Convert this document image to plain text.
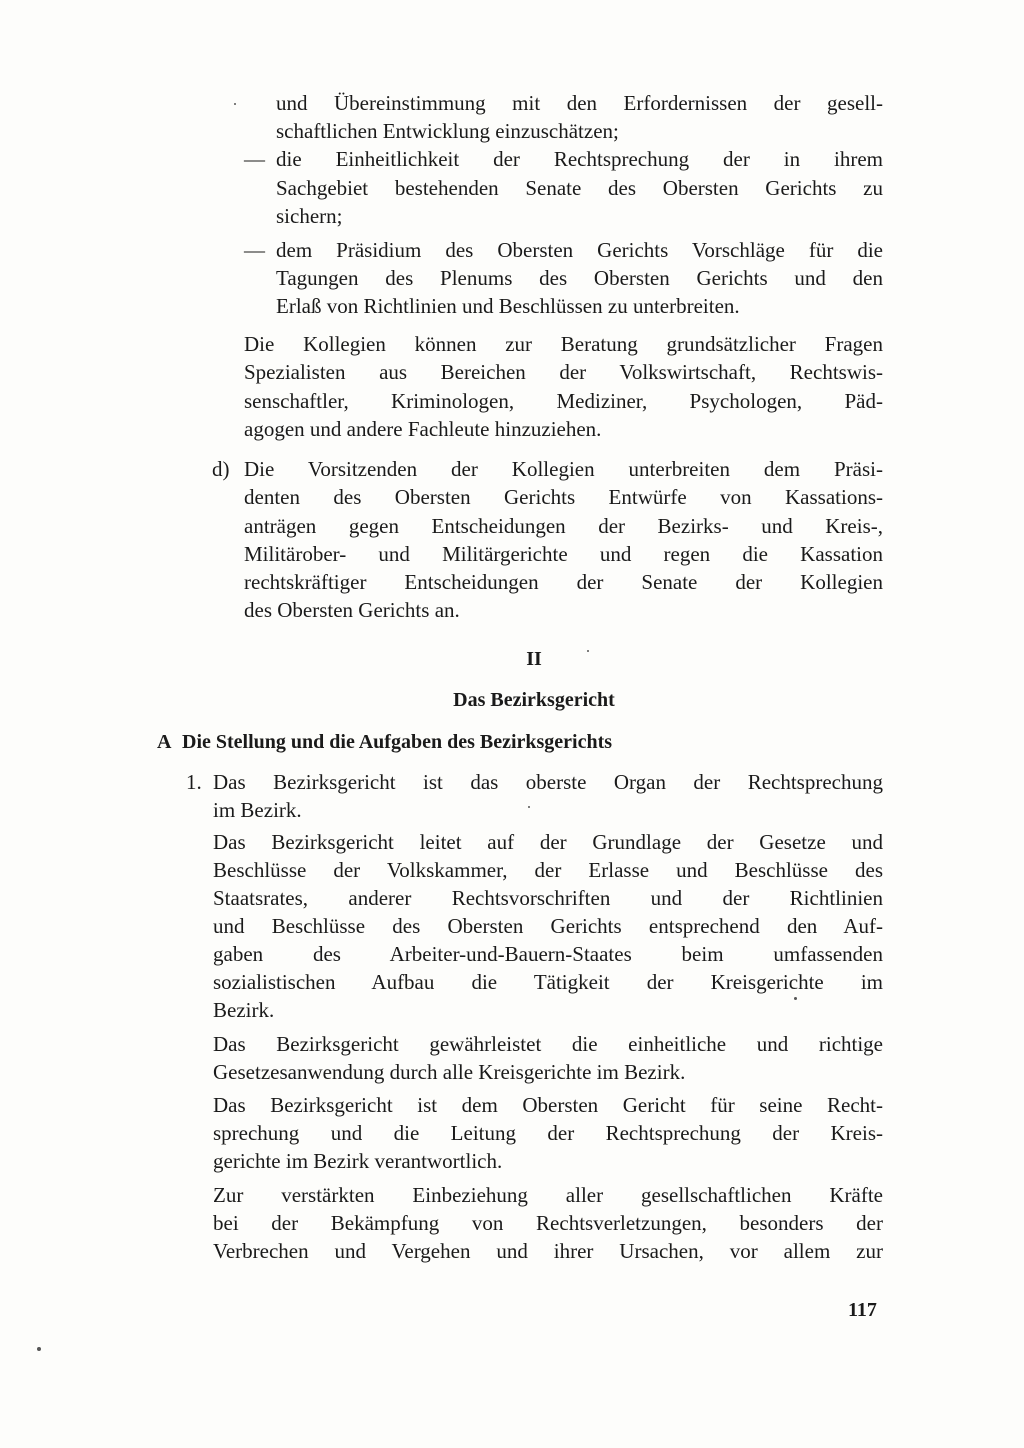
und Übereinstimmung mit den Erfordernissen der gesell-
schaftlichen Entwicklung einzuschätzen;
— die Einheitlichkeit der Rechtsprechung der in ihrem
Sachgebiet bestehenden Senate des Obersten Gerichts zu
sichern;
— dem Präsidium des Obersten Gerichts Vorschläge für die
Tagungen des Plenums des Obersten Gerichts und den
Erlaß von Richtlinien und Beschlüssen zu unterbreiten.
Die Kollegien können zur Beratung grundsätzlicher Fragen
Spezialisten aus Bereichen der Volkswirtschaft, Rechtswis-
senschaftler, Kriminologen, Mediziner, Psychologen, Päd-
agogen und andere Fachleute hinzuziehen.
d) Die Vorsitzenden der Kollegien unterbreiten dem Präsi-
denten des Obersten Gerichts Entwürfe von Kassations-
anträgen gegen Entscheidungen der Bezirks- und Kreis-,
Militärober- und Militärgerichte und regen die Kassation
rechtskräftiger Entscheidungen der Senate der Kollegien
des Obersten Gerichts an.
II
Das Bezirksgericht
A Die Stellung und die Aufgaben des Bezirksgerichts
1. Das Bezirksgericht ist das oberste Organ der Rechtsprechung
im Bezirk.
Das Bezirksgericht leitet auf der Grundlage der Gesetze und
Beschlüsse der Volkskammer, der Erlasse und Beschlüsse des
Staatsrates, anderer Rechtsvorschriften und der Richtlinien
und Beschlüsse des Obersten Gerichts entsprechend den Auf-
gaben des Arbeiter-und-Bauern-Staates beim umfassenden
sozialistischen Aufbau die Tätigkeit der Kreisgerichte im
Bezirk.
Das Bezirksgericht gewährleistet die einheitliche und richtige
Gesetzesanwendung durch alle Kreisgerichte im Bezirk.
Das Bezirksgericht ist dem Obersten Gericht für seine Recht-
sprechung und die Leitung der Rechtsprechung der Kreis-
gerichte im Bezirk verantwortlich.
Zur verstärkten Einbeziehung aller gesellschaftlichen Kräfte
bei der Bekämpfung von Rechtsverletzungen, besonders der
Verbrechen und Vergehen und ihrer Ursachen, vor allem zur
117
